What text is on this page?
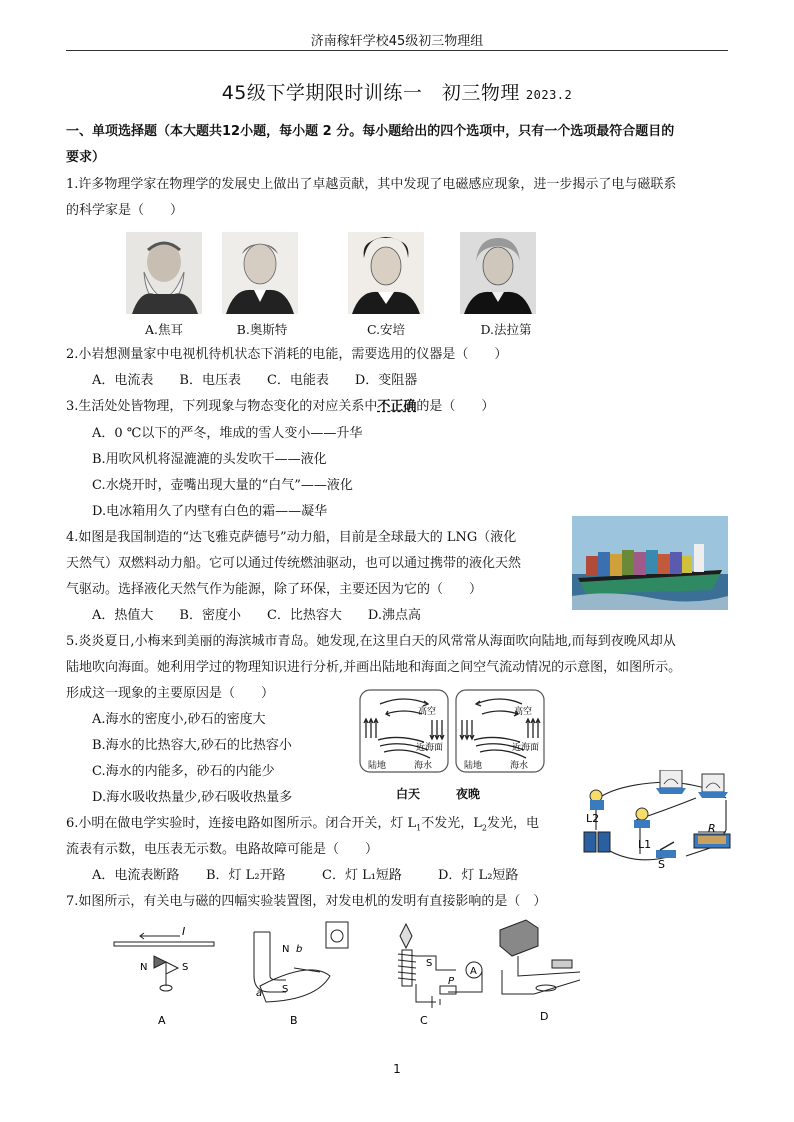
济南稼轩学校45级初三物理组
45级下学期限时训练一　初三物理 2023.2
一、单项选择题（本大题共12小题，每小题 2 分。每小题给出的四个选项中，只有一个选项最符合题目的
要求）
1.许多物理学家在物理学的发展史上做出了卓越贡献，其中发现了电磁感应现象，进一步揭示了电与磁联系
的科学家是（　　）
A.焦耳	B.奥斯特	C.安培	D.法拉第
2.小岩想测量家中电视机待机状态下消耗的电能，需要选用的仪器是（　　）
A．电流表　　B．电压表　　C．电能表　　D．变阻器
3.生活处处皆物理，下列现象与物态变化的对应关系中不正确的是（　　）
A．0 ℃以下的严冬，堆成的雪人变小——升华
B.用吹风机将湿漉漉的头发吹干——液化
C.水烧开时，壶嘴出现大量的“白气”——液化
D.电冰箱用久了内壁有白色的霜——凝华
4.如图是我国制造的“达飞雅克萨德号”动力船，目前是全球最大的 LNG（液化
天然气）双燃料动力船。它可以通过传统燃油驱动，也可以通过携带的液化天然
气驱动。选择液化天然气作为能源，除了环保，主要还因为它的（　　）
A．热值大　　B．密度小　　C．比热容大　　D.沸点高
5.炎炎夏日,小梅来到美丽的海滨城市青岛。她发现,在这里白天的风常常从海面吹向陆地,而每到夜晚风却从
陆地吹向海面。她利用学过的物理知识进行分析,并画出陆地和海面之间空气流动情况的示意图，如图所示。
形成这一现象的主要原因是（　　）
A.海水的密度小,砂石的密度大
B.海水的比热容大,砂石的比热容小
C.海水的内能多，砂石的内能少
D.海水吸收热量少,砂石吸收热量多
高空	高空
近海面	近海面
陆地	海水	陆地	海水
白天	夜晚
6.小明在做电学实验时，连接电路如图所示。闭合开关，灯 $L_1$不发光，$L_2$发光，电
流表有示数，电压表无示数。电路故障可能是（　　）
A．电流表断路 B．灯 L₂开路	C．灯 L₁短路	D．灯 L₂短路
L2
L1
S
R
7.如图所示，有关电与磁的四幅实验装置图，对发电机的发明有直接影响的是（　）
I
N	S
A
N b
S
a
B
S
P
A
C	D
1
